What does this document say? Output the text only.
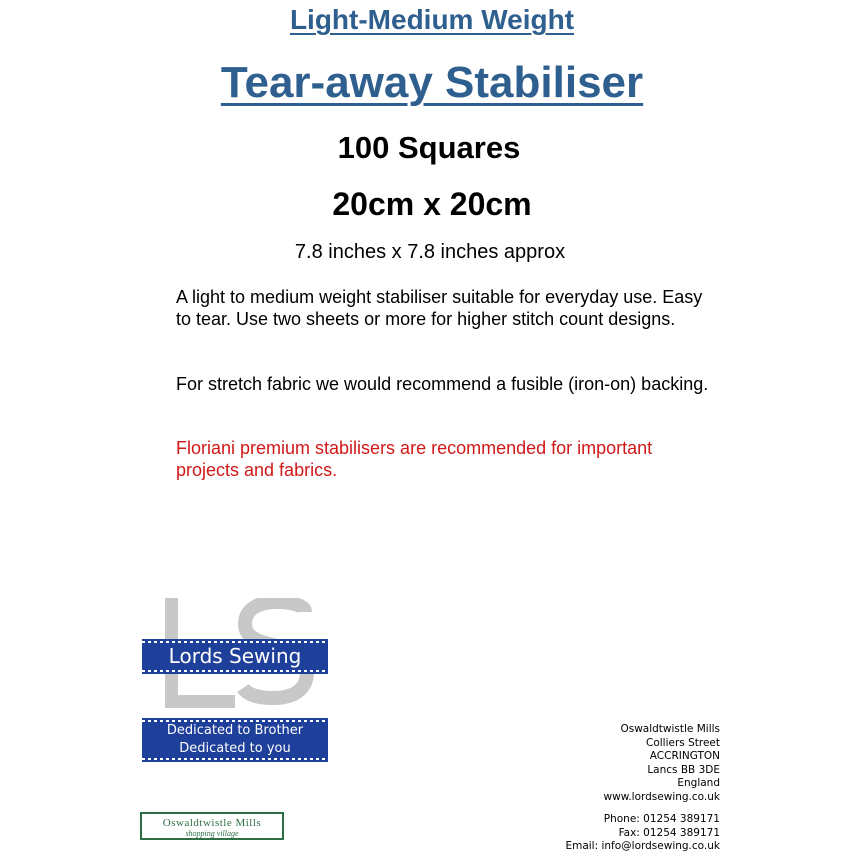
Light-Medium Weight
Tear-away Stabiliser
100 Squares
20cm x 20cm
7.8 inches x 7.8 inches approx

A light to medium weight stabiliser suitable for everyday use. Easy to tear. Use two sheets or more for higher stitch count designs.

For stretch fabric we would recommend a fusible (iron-on) backing.

Floriani premium stabilisers are recommended for important projects and fabrics.

Lords Sewing
Dedicated to Brother
Dedicated to you
Oswaldtwistle Mills
shopping village
Oswaldtwistle Mills
Colliers Street
ACCRINGTON
Lancs BB 3DE
England
www.lordsewing.co.uk
Phone: 01254 389171
Fax: 01254 389171
Email: info@lordsewing.co.uk
